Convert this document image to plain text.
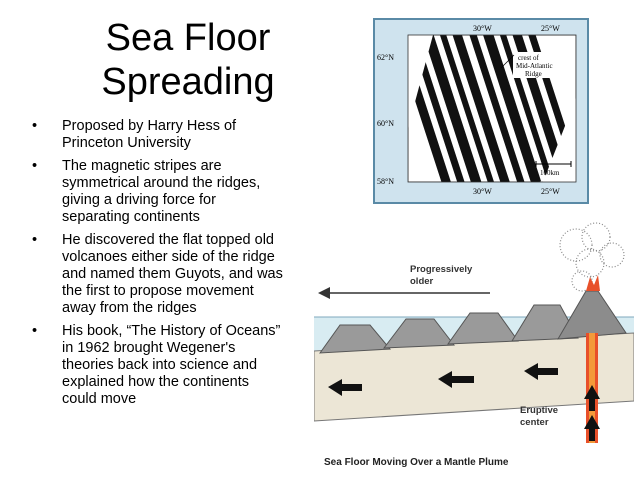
Sea Floor
Spreading
• Proposed by Harry Hess of
Princeton University
• The magnetic stripes are
symmetrical around the ridges,
giving a driving force for
separating continents
• He discovered the flat topped old
volcanoes either side of the ridge
and named them Guyots, and was
the first to propose movement
away from the ridges
• His book, “The History of Oceans”
in 1962 brought Wegener's
theories back into science and
explained how the continents
could move
30°W	25°W
62°N
60°N
58°N
30°W	25°W
crest of
Mid-Atlantic
Ridge
100km
Progressively
older
Eruptive
center
Sea Floor Moving Over a Mantle Plume
